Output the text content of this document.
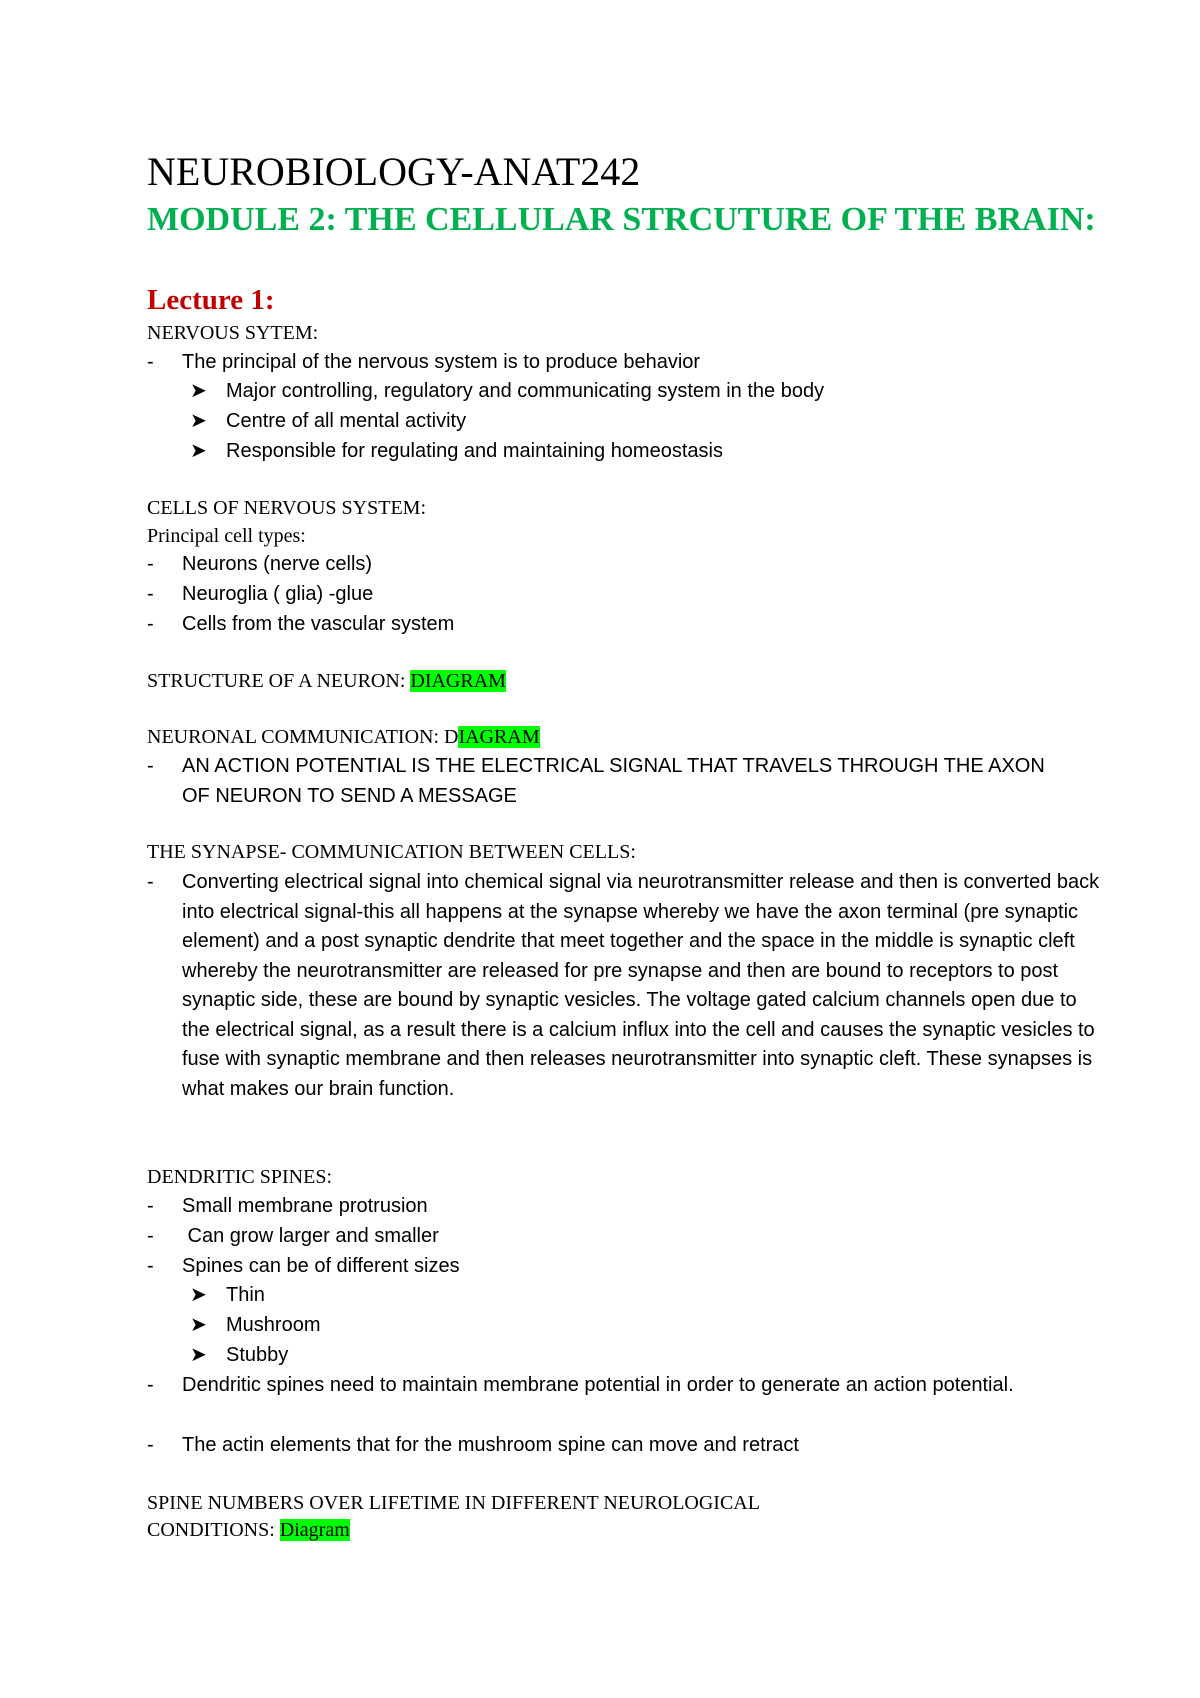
NEUROBIOLOGY-ANAT242
MODULE 2: THE CELLULAR STRCUTURE OF THE BRAIN:
Lecture 1:
NERVOUS SYTEM:
- The principal of the nervous system is to produce behavior
➤ Major controlling, regulatory and communicating system in the body
➤ Centre of all mental activity
➤ Responsible for regulating and maintaining homeostasis
CELLS OF NERVOUS SYSTEM:
Principal cell types:
- Neurons (nerve cells)
- Neuroglia ( glia) -glue
- Cells from the vascular system
STRUCTURE OF A NEURON: DIAGRAM
NEURONAL COMMUNICATION: DIAGRAM
- AN ACTION POTENTIAL IS THE ELECTRICAL SIGNAL THAT TRAVELS THROUGH THE AXON OF NEURON TO SEND A MESSAGE
THE SYNAPSE- COMMUNICATION BETWEEN CELLS:
- Converting electrical signal into chemical signal via neurotransmitter release and then is converted back into electrical signal-this all happens at the synapse whereby we have the axon terminal (pre synaptic element) and a post synaptic dendrite that meet together and the space in the middle is synaptic cleft whereby the neurotransmitter are released for pre synapse and then are bound to receptors to post synaptic side, these are bound by synaptic vesicles. The voltage gated calcium channels open due to the electrical signal, as a result there is a calcium influx into the cell and causes the synaptic vesicles to fuse with synaptic membrane and then releases neurotransmitter into synaptic cleft. These synapses is what makes our brain function.
DENDRITIC SPINES:
- Small membrane protrusion
- Can grow larger and smaller
- Spines can be of different sizes
➤ Thin
➤ Mushroom
➤ Stubby
- Dendritic spines need to maintain membrane potential in order to generate an action potential.
- The actin elements that for the mushroom spine can move and retract
SPINE NUMBERS OVER LIFETIME IN DIFFERENT NEUROLOGICAL
CONDITIONS: Diagram
